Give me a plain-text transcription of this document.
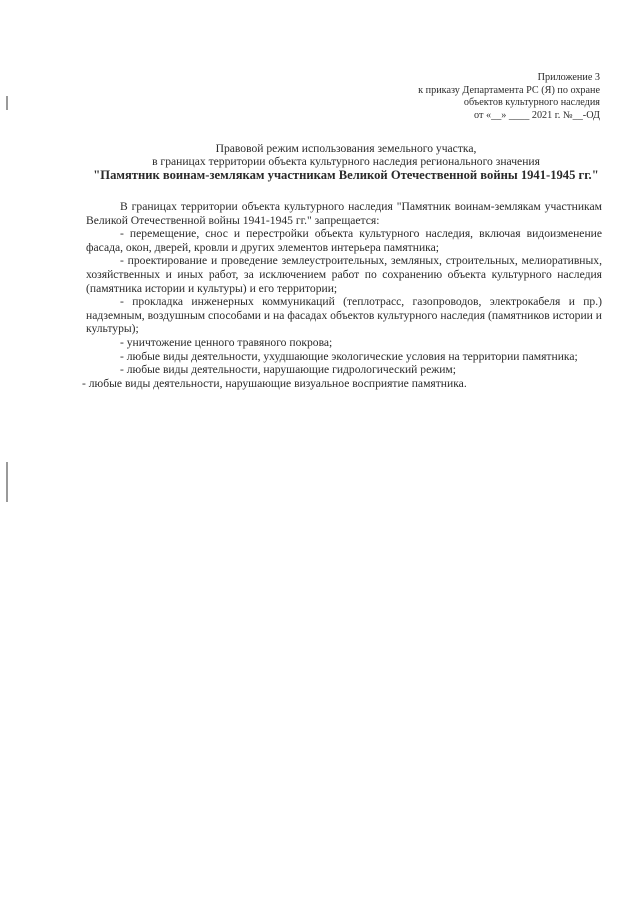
Приложение 3
к приказу Департамента РС (Я) по охране
объектов культурного наследия
от «__» ____ 2021 г. №__-ОД
Правовой режим использования земельного участка,
в границах территории объекта культурного наследия регионального значения
"Памятник воинам-землякам участникам Великой Отечественной войны 1941-1945 гг."

В границах территории объекта культурного наследия "Памятник воинам-землякам участникам Великой Отечественной войны 1941-1945 гг." запрещается:

- перемещение, снос и перестройки объекта культурного наследия, включая видоизменение фасада, окон, дверей, кровли и других элементов интерьера памятника;

- проектирование и проведение землеустроительных, земляных, строительных, мелиоративных, хозяйственных и иных работ, за исключением работ по сохранению объекта культурного наследия (памятника истории и культуры) и его территории;

- прокладка инженерных коммуникаций (теплотрасс, газопроводов, электрокабеля и пр.) надземным, воздушным способами и на фасадах объектов культурного наследия (памятников истории и культуры);

- уничтожение ценного травяного покрова;

- любые виды деятельности, ухудшающие экологические условия на территории памятника;

- любые виды деятельности, нарушающие гидрологический режим;

- любые виды деятельности, нарушающие визуальное восприятие памятника.
